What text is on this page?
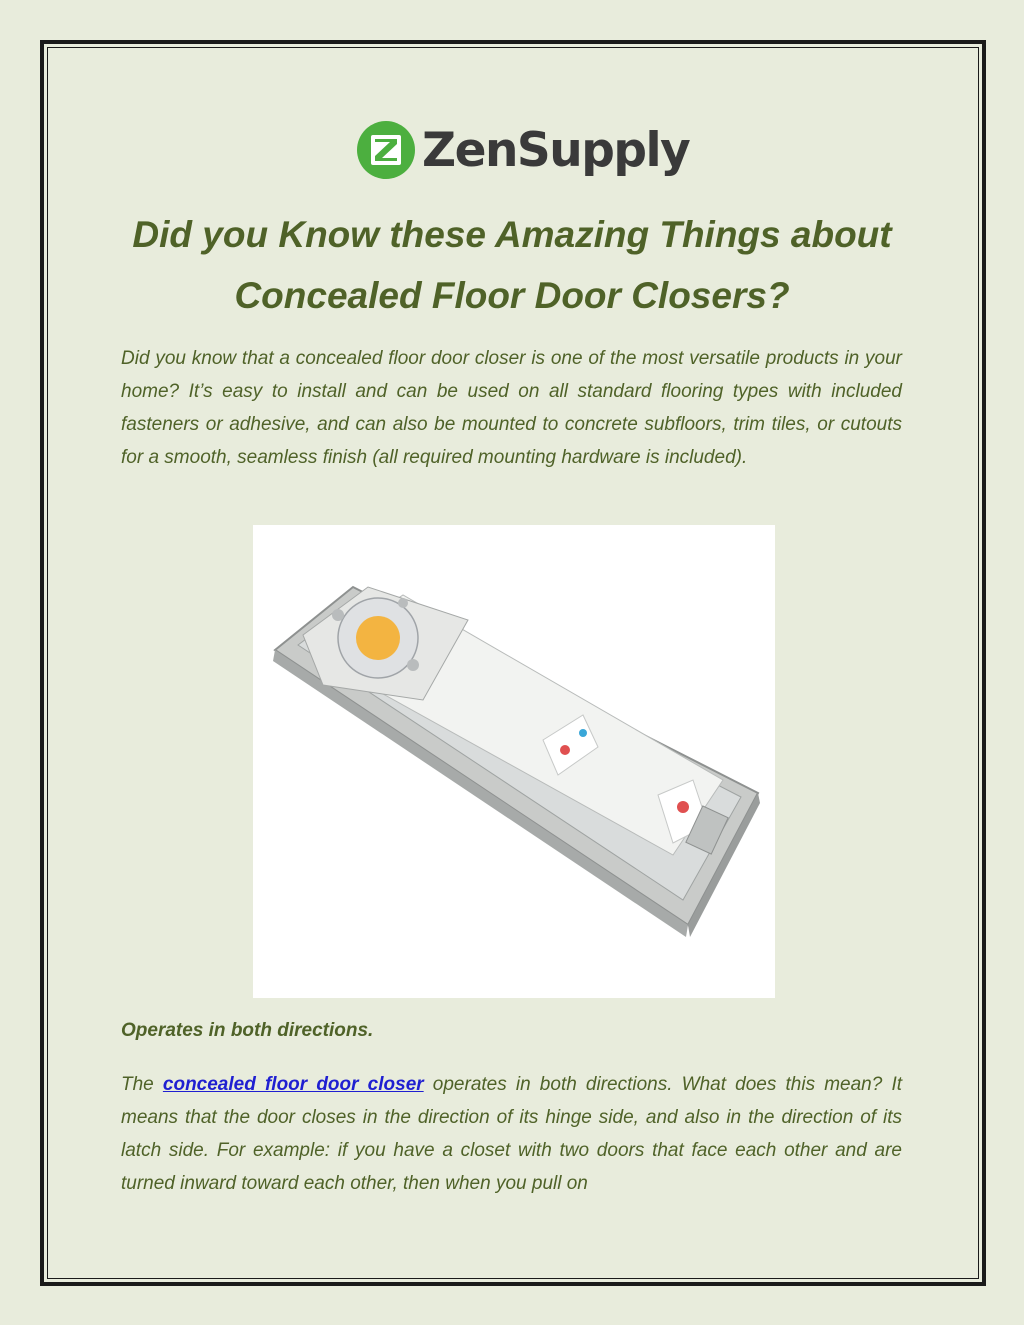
ZenSupply
Did you Know these Amazing Things about Concealed Floor Door Closers?

Did you know that a concealed floor door closer is one of the most versatile products in your home? It’s easy to install and can be used on all standard flooring types with included fasteners or adhesive, and can also be mounted to concrete subfloors, trim tiles, or cutouts for a smooth, seamless finish (all required mounting hardware is included).

Operates in both directions.

The concealed floor door closer operates in both directions. What does this mean? It means that the door closes in the direction of its hinge side, and also in the direction of its latch side. For example: if you have a closet with two doors that face each other and are turned inward toward each other, then when you pull on
